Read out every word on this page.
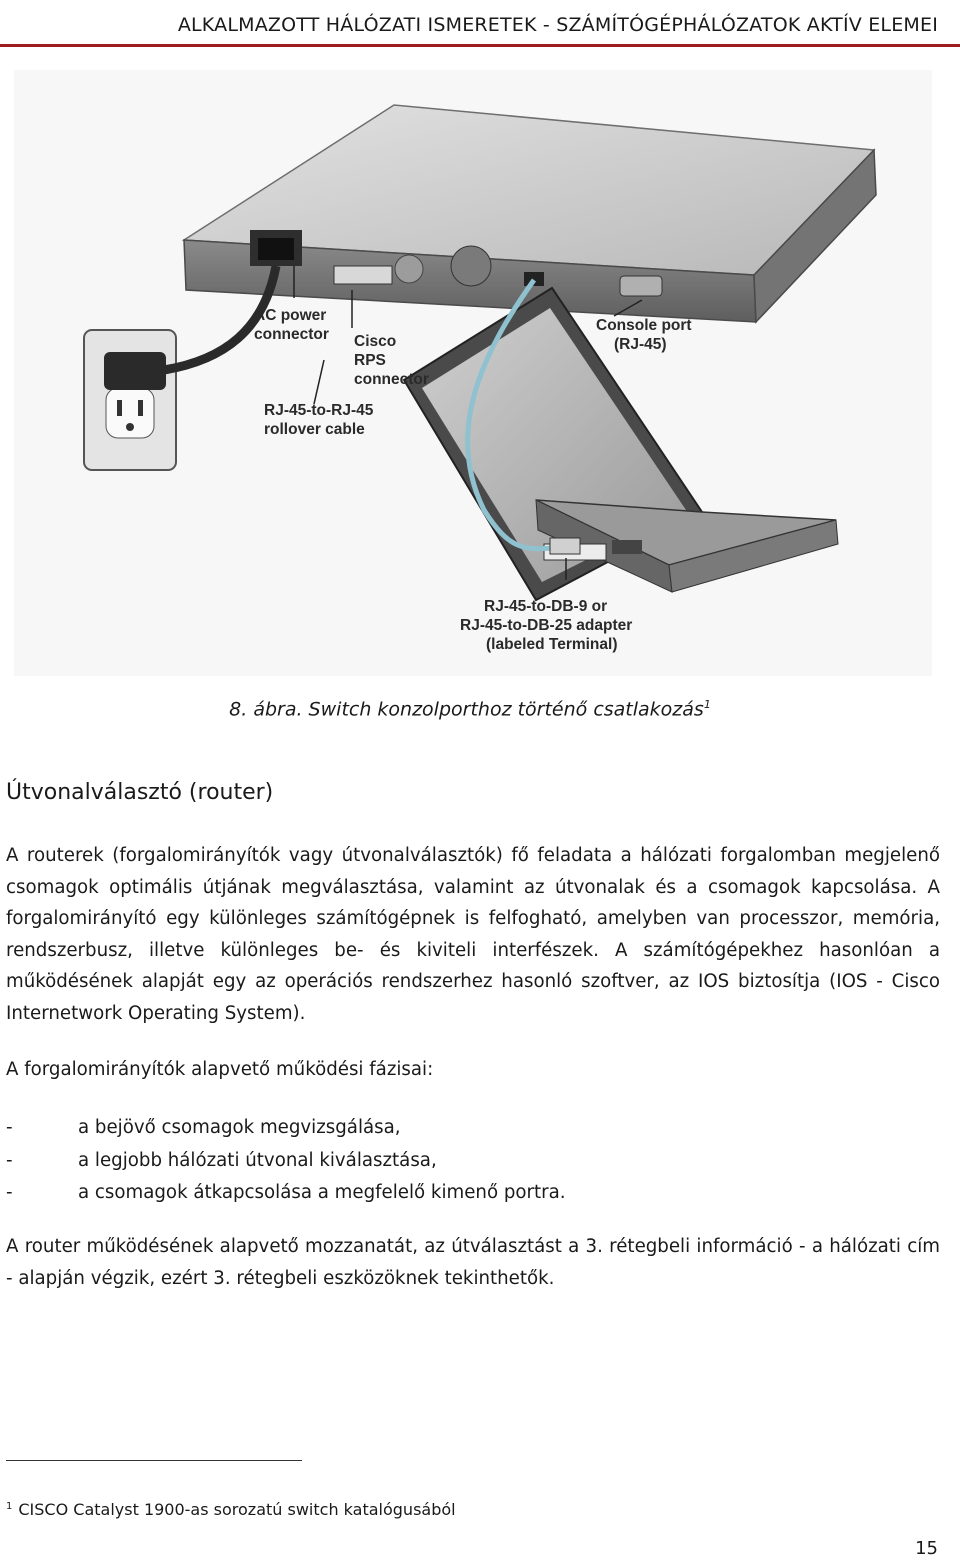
ALKALMAZOTT HÁLÓZATI ISMERETEK - SZÁMÍTÓGÉPHÁLÓZATOK AKTÍV ELEMEI
AC power connector Cisco RPS connector
RJ-45-to-RJ-45 rollover cable
Console port (RJ-45)
RJ-45-to-DB-9 or RJ-45-to-DB-25 adapter (labeled Terminal)
8. ábra. Switch konzolporthoz történő csatlakozás$^1$
Útvonalválasztó (router)
A routerek (forgalomirányítók vagy útvonalválasztók) fő feladata a hálózati forgalomban megjelenő csomagok optimális útjának megválasztása, valamint az útvonalak és a csomagok kapcsolása. A forgalomirányító egy különleges számítógépnek is felfogható, amelyben van processzor, memória, rendszerbusz, illetve különleges be- és kiviteli interfészek. A számítógépekhez hasonlóan a működésének alapját egy az operációs rendszerhez hasonló szoftver, az IOS biztosítja (IOS - Cisco Internetwork Operating System).
A forgalomirányítók alapvető működési fázisai:
-	a bejövő csomagok megvizsgálása,
-	a legjobb hálózati útvonal kiválasztása,
-	a csomagok átkapcsolása a megfelelő kimenő portra.
A router működésének alapvető mozzanatát, az útválasztást a 3. rétegbeli információ - a hálózati cím - alapján végzik, ezért 3. rétegbeli eszközöknek tekinthetők.
$^1$ CISCO Catalyst 1900-as sorozatú switch katalógusából
15
